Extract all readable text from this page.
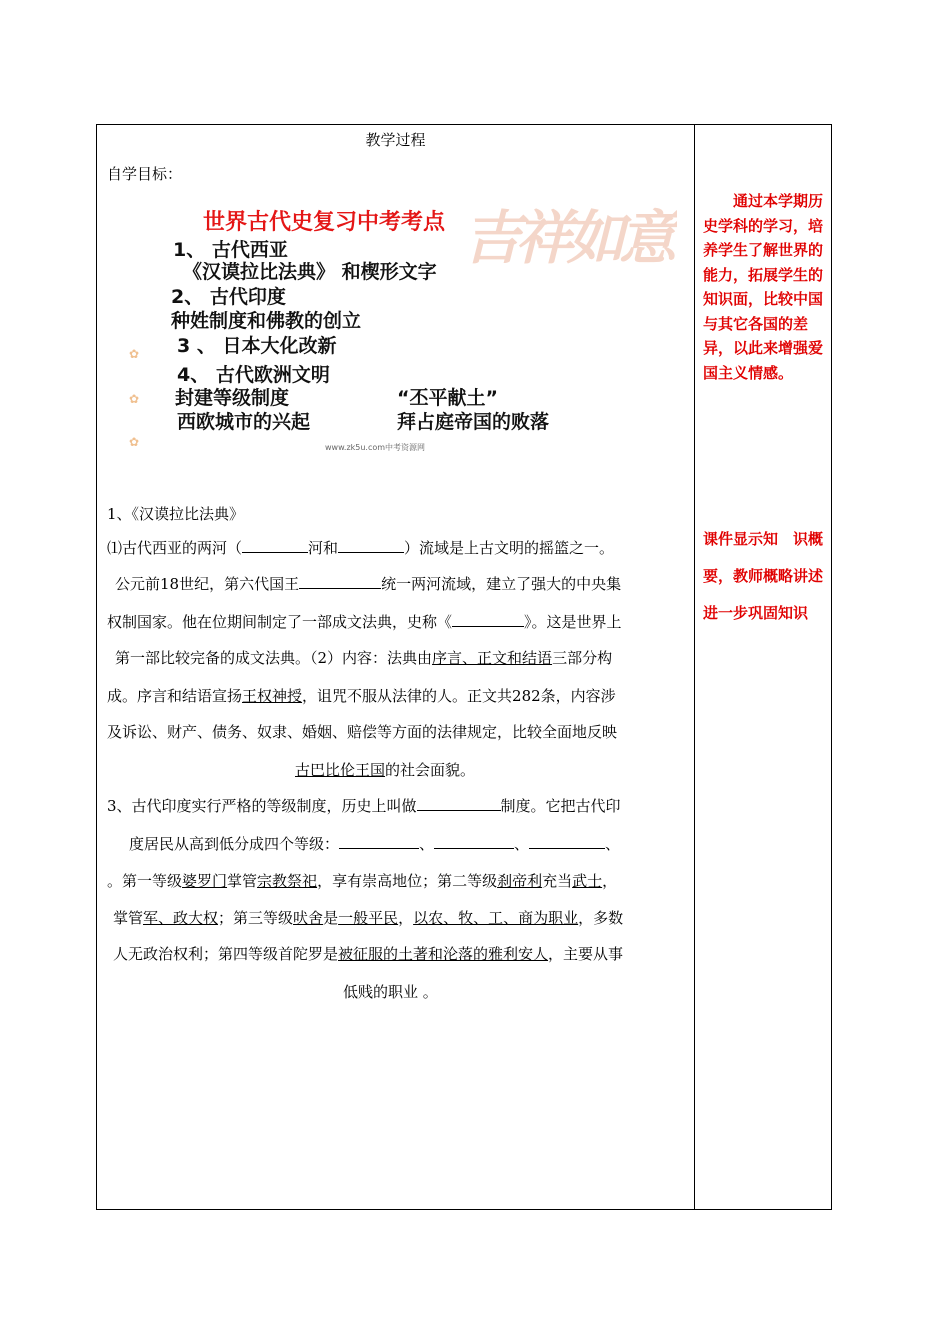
教学过程
自学目标：
吉祥如意
✿
✿
✿
世界古代史复习中考考点
1、 古代西亚
《汉谟拉比法典》 和楔形文字
2、 古代印度
种姓制度和佛教的创立
3 、 日本大化改新
4、 古代欧洲文明
封建等级制度	“丕平献土”
西欧城市的兴起	拜占庭帝国的败落
www.zk5u.com中考资源网
1、《汉谟拉比法典》
⑴古代西亚的两河（	河和	）流域是上古文明的摇篮之一。
公元前18世纪，第六代国王	统一两河流域，建立了强大的中央集
权制国家。他在位期间制定了一部成文法典，史称《	》。这是世界上
第一部比较完备的成文法典。（2）内容：法典由序言、正文和结语三部分构
成。序言和结语宣扬王权神授，诅咒不服从法律的人。正文共282条，内容涉
及诉讼、财产、债务、奴隶、婚姻、赔偿等方面的法律规定，比较全面地反映
古巴比伦王国的社会面貌。
3、古代印度实行严格的等级制度，历史上叫做	制度。它把古代印
度居民从高到低分成四个等级：	、	、	、
。第一等级婆罗门掌管宗教祭祀，享有崇高地位；第二等级刹帝利充当武士，
掌管军、政大权；第三等级吠舍是一般平民，以农、牧、工、商为职业，多数
人无政治权利；第四等级首陀罗是被征服的土著和沦落的雅利安人，主要从事
低贱的职业 。
　　通过本学期历史学科的学习，培养学生了解世界的能力，拓展学生的知识面，比较中国与其它各国的差异，以此来增强爱国主义情感。
课件显示知　识概要，教师概略讲述进一步巩固知识
